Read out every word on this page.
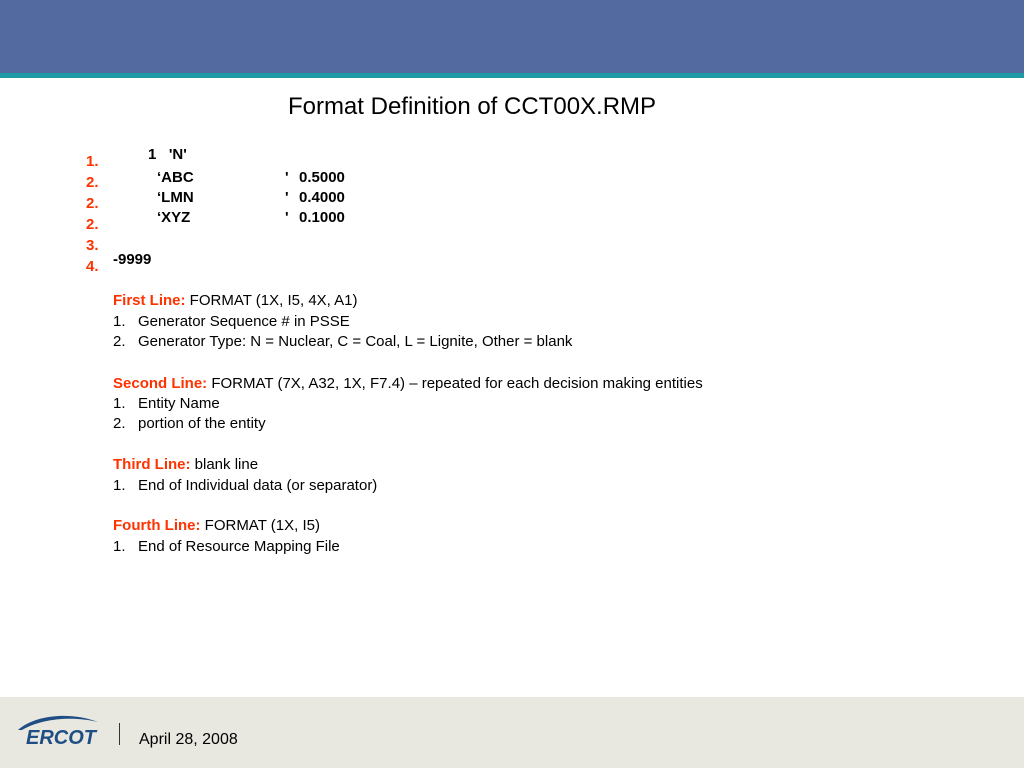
Format Definition of CCT00X.RMP
1.
2.
2.
2.
3.
4.
1   'N'
‘ABC	' 0.5000
‘LMN	' 0.4000
‘XYZ	' 0.1000
-9999
First Line: FORMAT (1X, I5, 4X, A1)
1. Generator Sequence # in PSSE
2. Generator Type: N = Nuclear, C = Coal, L = Lignite, Other = blank
Second Line: FORMAT (7X, A32, 1X, F7.4) – repeated for each decision making entities
1. Entity Name
2. portion of the entity
Third Line: blank line
1. End of Individual data (or separator)
Fourth Line: FORMAT (1X, I5)
1. End of Resource Mapping File
ERCOT	April 28, 2008
